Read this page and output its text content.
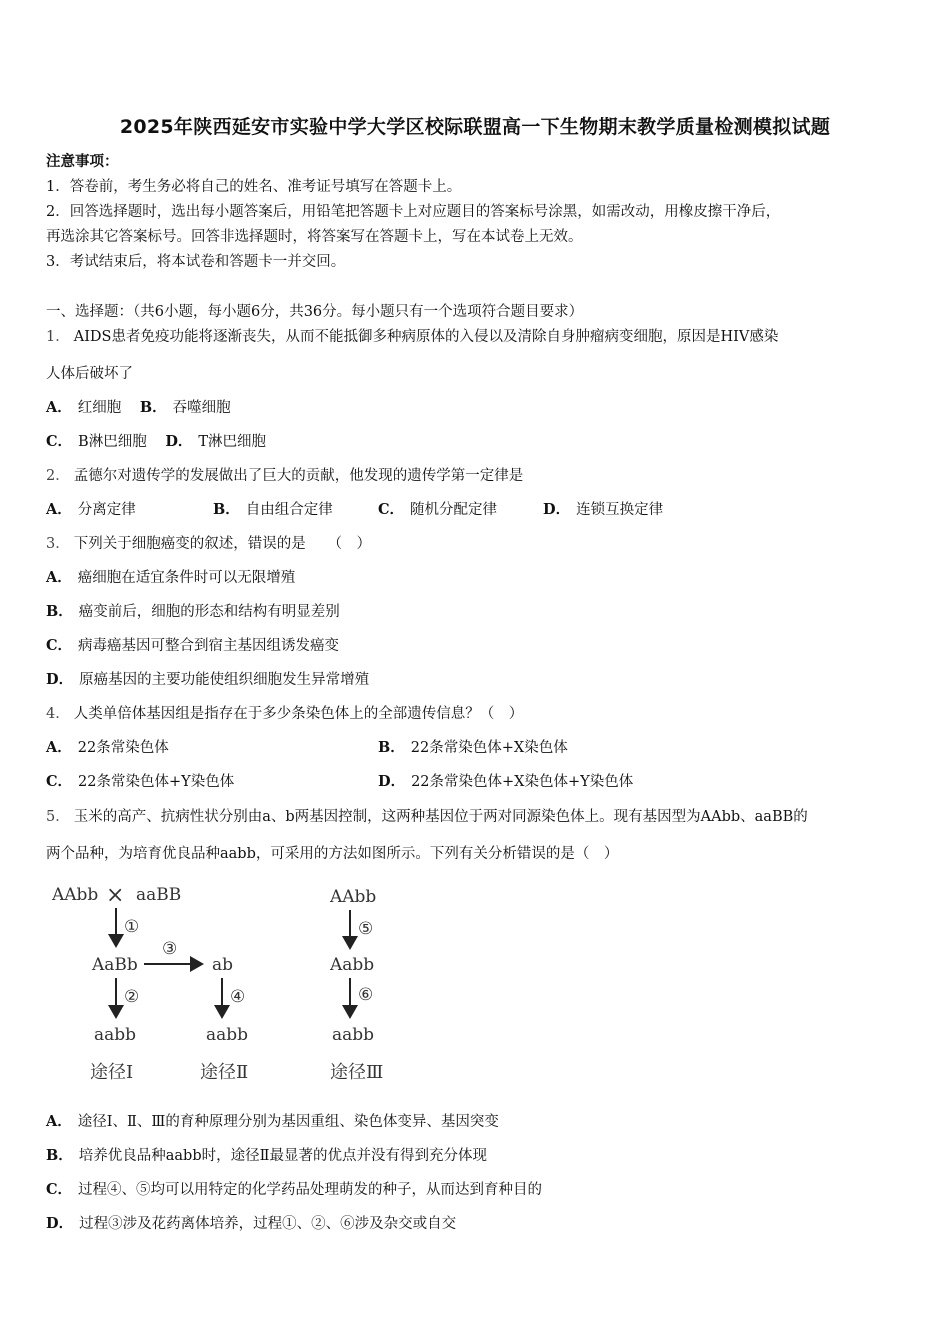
2025年陕西延安市实验中学大学区校际联盟高一下生物期末教学质量检测模拟试题
注意事项：
1．答卷前，考生务必将自己的姓名、准考证号填写在答题卡上。
2．回答选择题时，选出每小题答案后，用铅笔把答题卡上对应题目的答案标号涂黑，如需改动，用橡皮擦干净后，
再选涂其它答案标号。回答非选择题时，将答案写在答题卡上，写在本试卷上无效。
3．考试结束后，将本试卷和答题卡一并交回。
一、选择题：（共6小题，每小题6分，共36分。每小题只有一个选项符合题目要求）
1． AIDS患者免疫功能将逐渐丧失，从而不能抵御多种病原体的入侵以及清除自身肿瘤病变细胞，原因是HIV感染
人体后破坏了
A． 红细胞 B． 吞噬细胞
C． B淋巴细胞 D． T淋巴细胞
2． 孟德尔对遗传学的发展做出了巨大的贡献，他发现的遗传学第一定律是
A． 分离定律	B． 自由组合定律	C． 随机分配定律	D． 连锁互换定律
3． 下列关于细胞癌变的叙述，错误的是　　（　）
A． 癌细胞在适宜条件时可以无限增殖
B． 癌变前后，细胞的形态和结构有明显差别
C． 病毒癌基因可整合到宿主基因组诱发癌变
D． 原癌基因的主要功能使组织细胞发生异常增殖
4． 人类单倍体基因组是指存在于多少条染色体上的全部遗传信息？（　）
A． 22条常染色体	B． 22条常染色体+X染色体
C． 22条常染色体+Y染色体	D． 22条常染色体+X染色体+Y染色体
5． 玉米的高产、抗病性状分别由a、b两基因控制，这两种基因位于两对同源染色体上。现有基因型为AAbb、aaBB的
两个品种，为培育优良品种aabb，可采用的方法如图所示。下列有关分析错误的是（　）
AAbb × aaBB
①
AaBb
③
ab
②	④
aabb	aabb
途径Ⅰ	途径Ⅱ
AAbb
⑤
Aabb
⑥
aabb
途径Ⅲ
A． 途径Ⅰ、Ⅱ、Ⅲ的育种原理分别为基因重组、染色体变异、基因突变
B． 培养优良品种aabb时，途径Ⅱ最显著的优点并没有得到充分体现
C． 过程④、⑤均可以用特定的化学药品处理萌发的种子，从而达到育种目的
D． 过程③涉及花药离体培养，过程①、②、⑥涉及杂交或自交
